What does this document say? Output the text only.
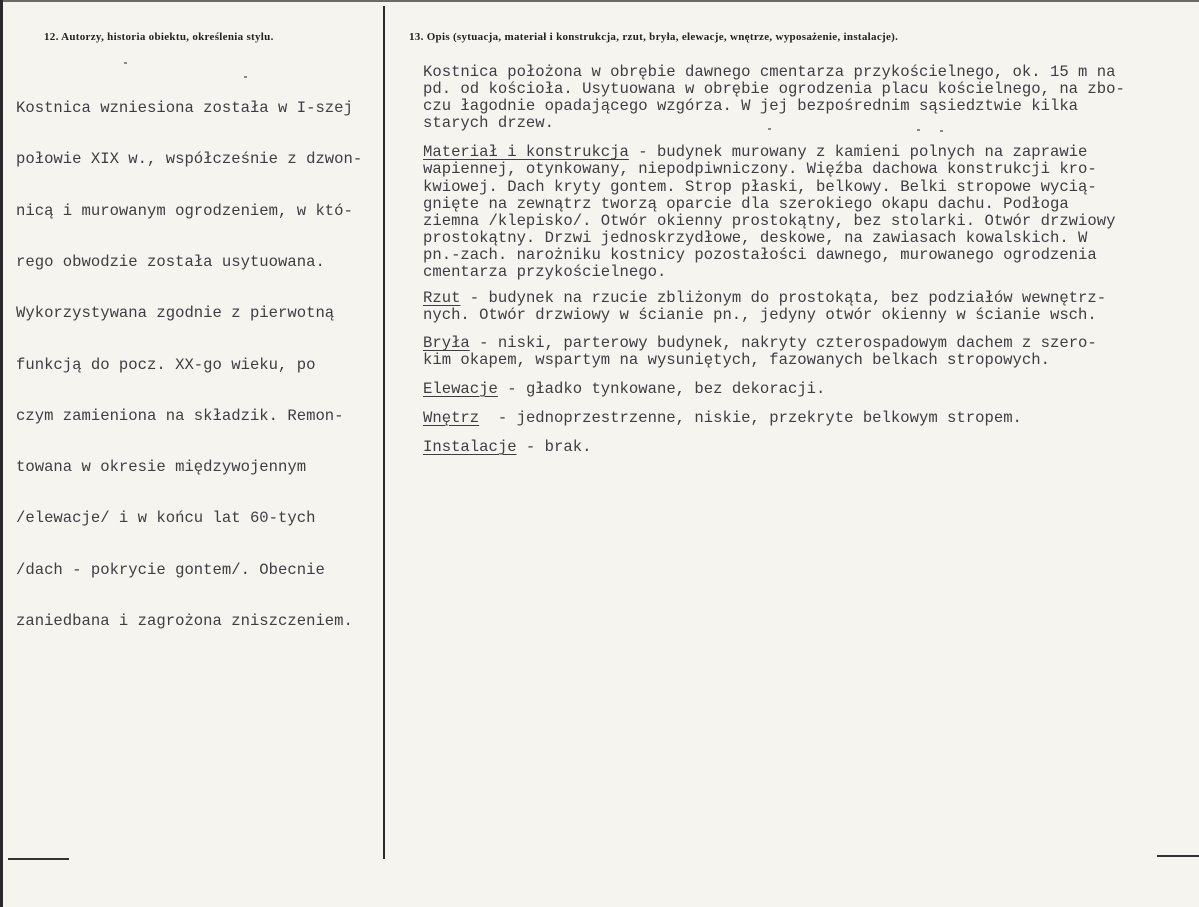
12. Autorzy, historia obiektu, określenia stylu.	13. Opis (sytuacja, materiał i konstrukcja, rzut, bryła, elewacje, wnętrze, wyposażenie, instalacje).

Kostnica wzniesiona została w I-szej

połowie XIX w., współcześnie z dzwon-

nicą i murowanym ogrodzeniem, w któ-

rego obwodzie została usytuowana.

Wykorzystywana zgodnie z pierwotną

funkcją do pocz. XX-go wieku, po

czym zamieniona na składzik. Remon-

towana w okresie międzywojennym

/elewacje/ i w końcu lat 60-tych

/dach - pokrycie gontem/. Obecnie

zaniedbana i zagrożona zniszczeniem.

Kostnica położona w obrębie dawnego cmentarza przykościelnego, ok. 15 m na
pd. od kościoła. Usytuowana w obrębie ogrodzenia placu kościelnego, na zbo-
czu łagodnie opadającego wzgórza. W jej bezpośrednim sąsiedztwie kilka
starych drzew.
Materiał i konstrukcja - budynek murowany z kamieni polnych na zaprawie
wapiennej, otynkowany, niepodpiwniczony. Więźba dachowa konstrukcji kro-
kwiowej. Dach kryty gontem. Strop płaski, belkowy. Belki stropowe wycią-
gnięte na zewnątrz tworzą oparcie dla szerokiego okapu dachu. Podłoga
ziemna /klepisko/. Otwór okienny prostokątny, bez stolarki. Otwór drzwiowy
prostokątny. Drzwi jednoskrzydłowe, deskowe, na zawiasach kowalskich. W
pn.-zach. narożniku kostnicy pozostałości dawnego, murowanego ogrodzenia
cmentarza przykościelnego.
Rzut - budynek na rzucie zbliżonym do prostokąta, bez podziałów wewnętrz-
nych. Otwór drzwiowy w ścianie pn., jedyny otwór okienny w ścianie wsch.
Bryła - niski, parterowy budynek, nakryty czterospadowym dachem z szero-
kim okapem, wspartym na wysuniętych, fazowanych belkach stropowych.
Elewacje - gładko tynkowane, bez dekoracji.
Wnętrz  - jednoprzestrzenne, niskie, przekryte belkowym stropem.
Instalacje - brak.
